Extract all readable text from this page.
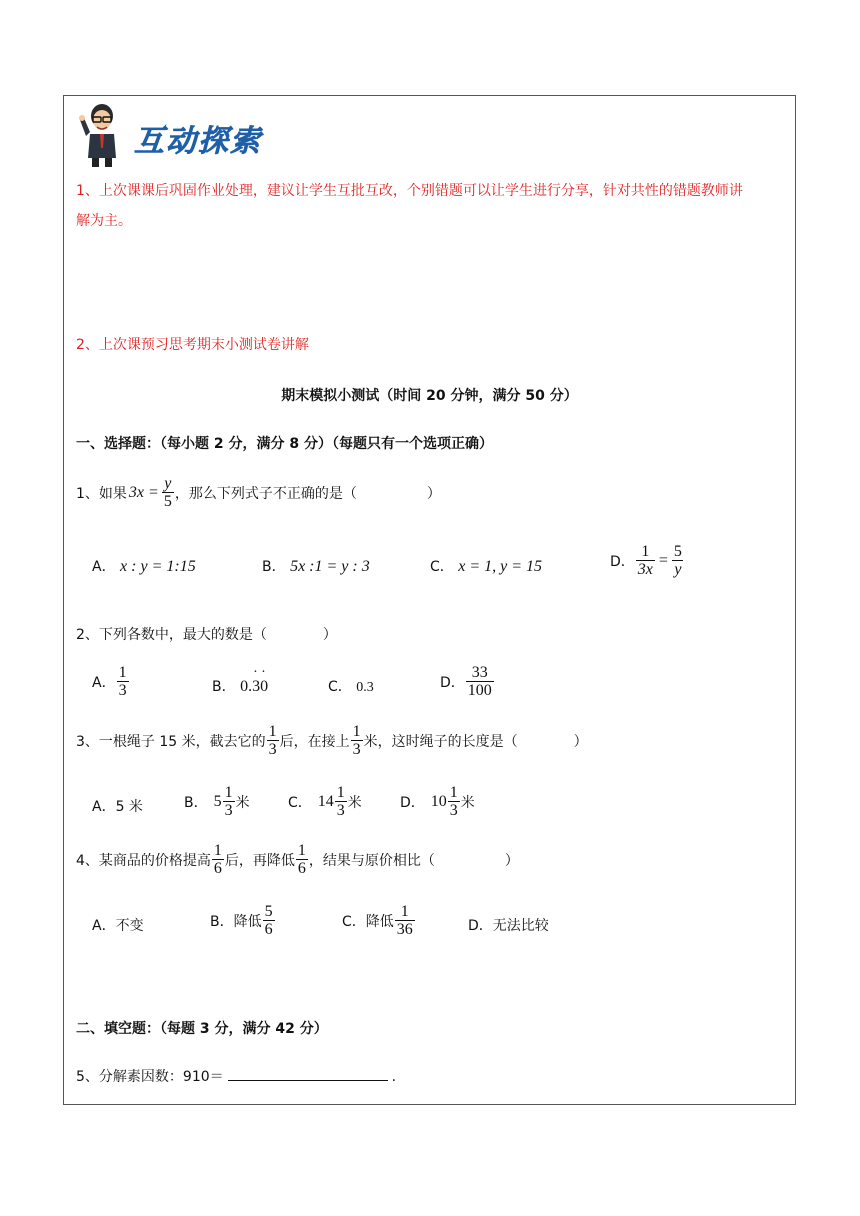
互动探索
1、上次课课后巩固作业处理，建议让学生互批互改，个别错题可以让学生进行分享，针对共性的错题教师讲
解为主。
2、上次课预习思考期末小测试卷讲解
期末模拟小测试（时间 20 分钟，满分 50 分）
一、选择题：（每小题 2 分，满分 8 分）（每题只有一个选项正确）
1、如果 $3x = \frac{y}{5}$ ，那么下列式子不正确的是（　　　　　）
A． x : y = 1:15	B． 5x :1 = y : 3	C． x = 1, y = 15	D． $\frac{1}{3x} = \frac{5}{y}$
2、下列各数中，最大的数是（　　　　）
A． $\frac{1}{3}$	B． 0.· 3· 0	C． 0.3	D． $\frac{33}{100}$
3、一根绳子 15 米，截去它的 $\frac{1}{3}$ 后，在接上 $\frac{1}{3}$ 米，这时绳子的长度是（　　　　）
A．5 米	B． $5 \frac{1}{3}$ 米	C． $14 \frac{1}{3}$ 米	D． $10 \frac{1}{3}$ 米
4、某商品的价格提高 $\frac{1}{6}$ 后，再降低 $\frac{1}{6}$ ，结果与原价相比（　　　　　）
A．不变	B． 降低 $\frac{5}{6}$	C． 降低 $\frac{1}{36}$	D．无法比较
二、填空题：（每题 3 分，满分 42 分）
5、分解素因数：910＝	.
